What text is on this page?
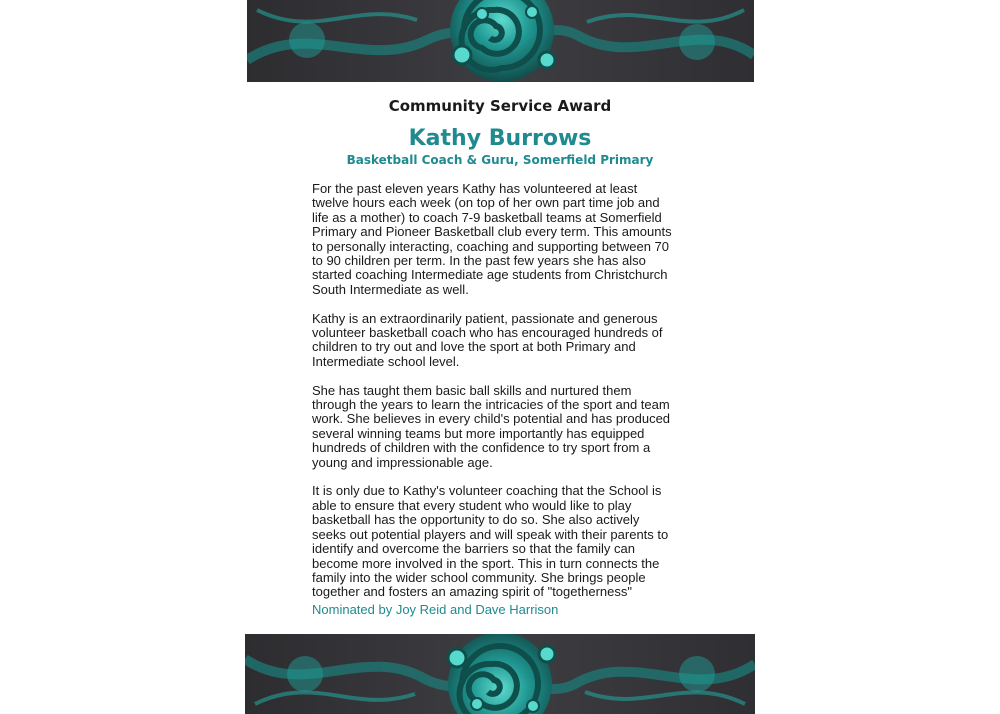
Community Service Award
Kathy Burrows

Basketball Coach & Guru, Somerfield Primary

For the past eleven years Kathy has volunteered at least
twelve hours each week (on top of her own part time job and
life as a mother) to coach 7-9 basketball teams at Somerfield
Primary and Pioneer Basketball club every term. This amounts
to personally interacting, coaching and supporting between 70
to 90 children per term. In the past few years she has also
started coaching Intermediate age students from Christchurch
South Intermediate as well.

Kathy is an extraordinarily patient, passionate and generous
volunteer basketball coach who has encouraged hundreds of
children to try out and love the sport at both Primary and
Intermediate school level.

She has taught them basic ball skills and nurtured them
through the years to learn the intricacies of the sport and team
work. She believes in every child's potential and has produced
several winning teams but more importantly has equipped
hundreds of children with the confidence to try sport from a
young and impressionable age.

It is only due to Kathy's volunteer coaching that the School is
able to ensure that every student who would like to play
basketball has the opportunity to do so. She also actively
seeks out potential players and will speak with their parents to
identify and overcome the barriers so that the family can
become more involved in the sport. This in turn connects the
family into the wider school community. She brings people
together and fosters an amazing spirit of "togetherness"

Nominated by Joy Reid and Dave Harrison
